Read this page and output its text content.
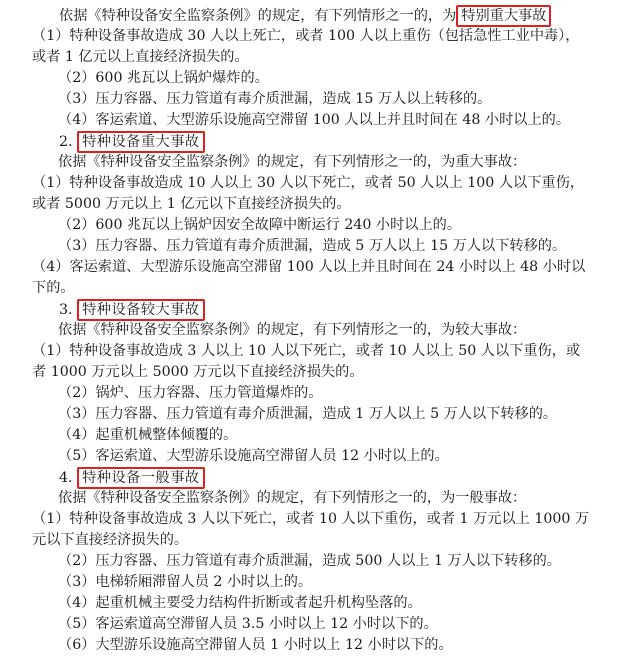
依据《特种设备安全监察条例》的规定，有下列情形之一的，为 特别重大事故
（1）特种设备事故造成 30 人以上死亡，或者 100 人以上重伤（包括急性工业中毒），
或者 1 亿元以上直接经济损失的。
（2）600 兆瓦以上锅炉爆炸的。
（3）压力容器、压力管道有毒介质泄漏，造成 15 万人以上转移的。
（4）客运索道、大型游乐设施高空滞留 100 人以上并且时间在 48 小时以上的。
2. 特种设备重大事故
依据《特种设备安全监察条例》的规定，有下列情形之一的，为重大事故：
（1）特种设备事故造成 10 人以上 30 人以下死亡，或者 50 人以上 100 人以下重伤，
或者 5000 万元以上 1 亿元以下直接经济损失的。
（2）600 兆瓦以上锅炉因安全故障中断运行 240 小时以上的。
（3）压力容器、压力管道有毒介质泄漏，造成 5 万人以上 15 万人以下转移的。
（4）客运索道、大型游乐设施高空滞留 100 人以上并且时间在 24 小时以上 48 小时以
下的。
3. 特种设备较大事故
依据《特种设备安全监察条例》的规定，有下列情形之一的，为较大事故：
（1）特种设备事故造成 3 人以上 10 人以下死亡，或者 10 人以上 50 人以下重伤，或
者 1000 万元以上 5000 万元以下直接经济损失的。
（2）锅炉、压力容器、压力管道爆炸的。
（3）压力容器、压力管道有毒介质泄漏，造成 1 万人以上 5 万人以下转移的。
（4）起重机械整体倾覆的。
（5）客运索道、大型游乐设施高空滞留人员 12 小时以上的。
4. 特种设备一般事故
依据《特种设备安全监察条例》的规定，有下列情形之一的，为一般事故：
（1）特种设备事故造成 3 人以下死亡，或者 10 人以下重伤，或者 1 万元以上 1000 万
元以下直接经济损失的。
（2）压力容器、压力管道有毒介质泄漏，造成 500 人以上 1 万人以下转移的。
（3）电梯轿厢滞留人员 2 小时以上的。
（4）起重机械主要受力结构件折断或者起升机构坠落的。
（5）客运索道高空滞留人员 3.5 小时以上 12 小时以下的。
（6）大型游乐设施高空滞留人员 1 小时以上 12 小时以下的。
